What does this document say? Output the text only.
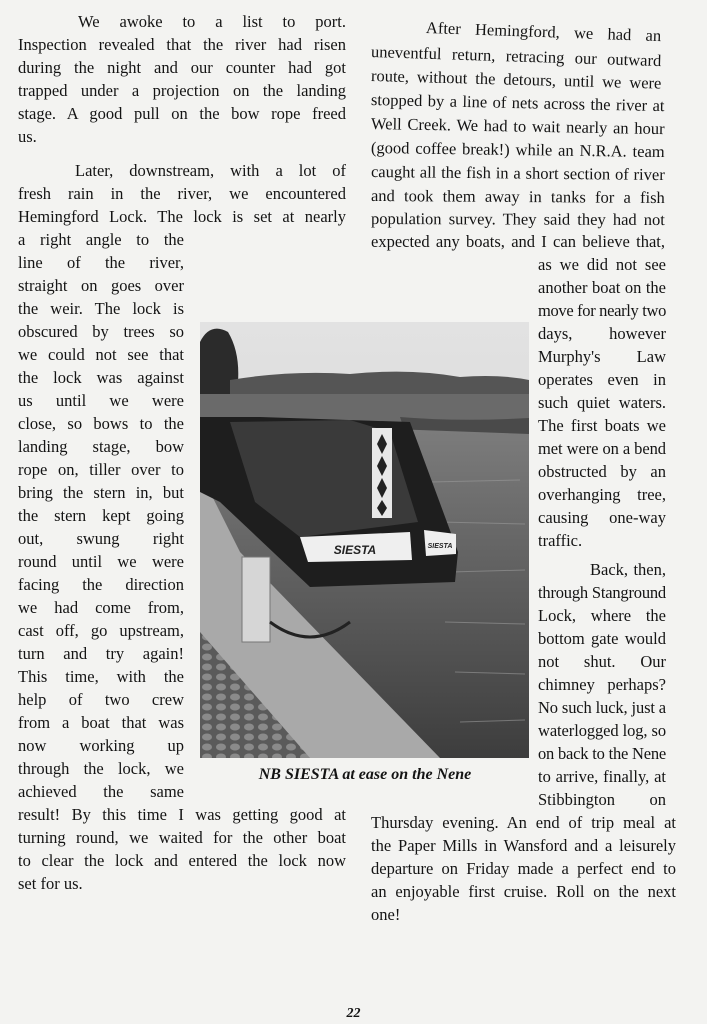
We awoke to a list to port.
Inspection revealed that the river had risen
during the night and our counter had got
trapped under a projection on the landing
stage. A good pull on the bow rope freed
us.
Later, downstream, with a lot of
fresh rain in the river, we encountered
Hemingford Lock. The lock is set at nearly
a right angle to the
line of the river,
straight on goes over
the weir. The lock is
obscured by trees so
we could not see that
the lock was against
us until we were
close, so bows to the
landing stage, bow
rope on, tiller over to
bring the stern in, but
the stern kept going
out, swung right
round until we were
facing the direction
we had come from,
cast off, go upstream,
turn and try again!
This time, with the
help of two crew
from a boat that was
now working up
through the lock, we
achieved the same
result! By this time I was getting good at
turning round, we waited for the other boat
to clear the lock and entered the lock now
set for us.
After Hemingford, we had an
uneventful return, retracing our outward
route, without the detours, until we were
stopped by a line of nets across the river at
Well Creek. We had to wait nearly an hour
(good coffee break!) while an N.R.A. team
caught all the fish in a short section of river
and took them away in tanks for a fish
population survey. They said they had not
expected any boats, and I can believe that,
as we did not see
another boat on the
move for nearly two
days, however
Murphy's Law
operates even in
such quiet waters.
The first boats we
met were on a bend
obstructed by an
overhanging tree,
causing one-way
traffic.
Back, then,
through Stanground
Lock, where the
bottom gate would
not shut. Our
chimney perhaps?
No such luck, just a
waterlogged log, so
on back to the Nene
to arrive, finally, at
Stibbington on
Thursday evening. An end of trip meal at
the Paper Mills in Wansford and a leisurely
departure on Friday made a perfect end to
an enjoyable first cruise. Roll on the next
one!
SIESTA	SIESTA
NB SIESTA at ease on the Nene
22
